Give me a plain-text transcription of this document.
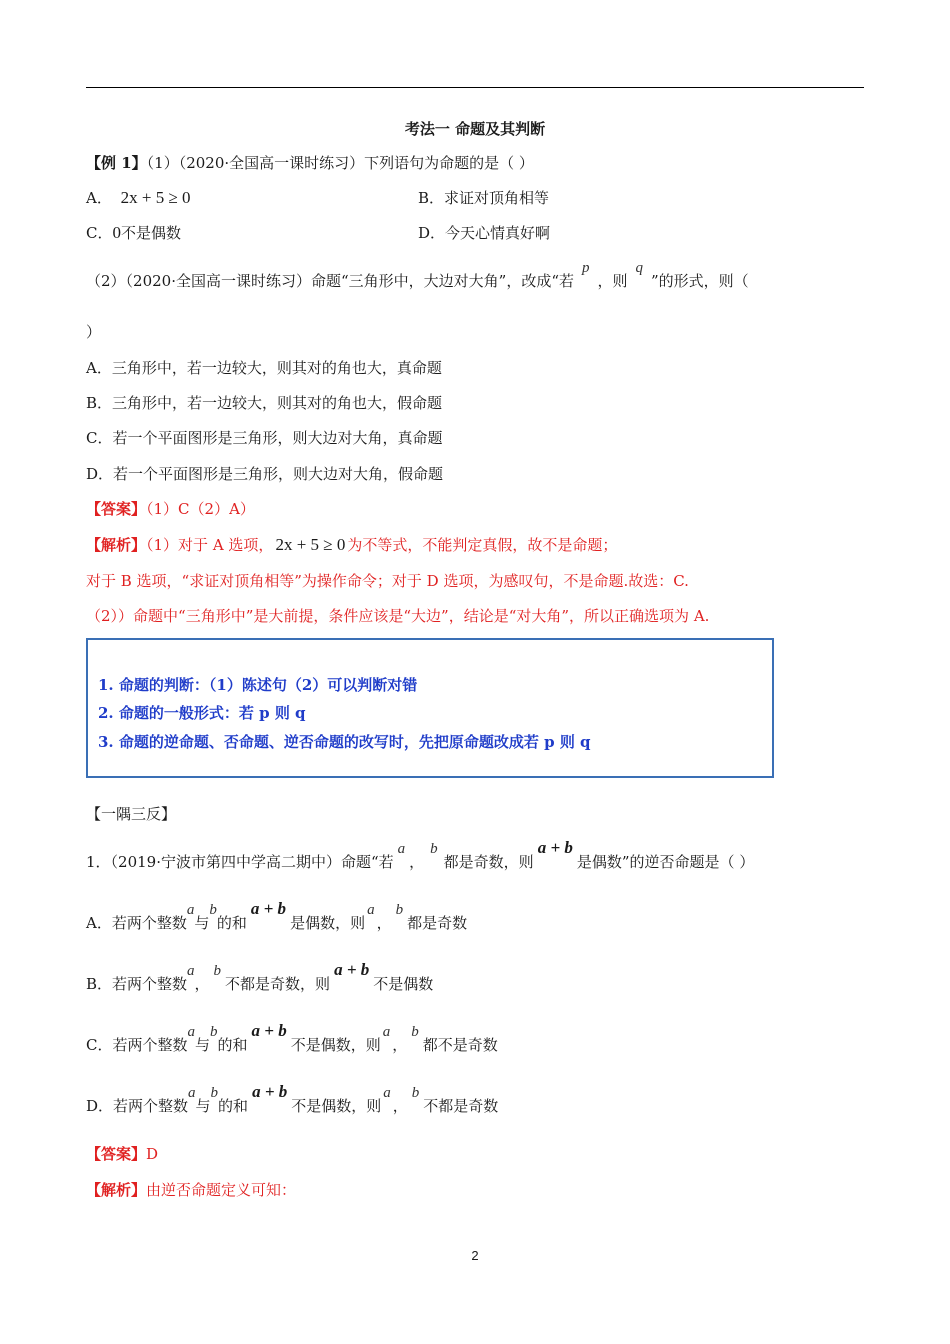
考法一 命题及其判断
【例 1】（1）（2020·全国高一课时练习）下列语句为命题的是（ ）
A． 2x + 5 ≥ 0	B．求证对顶角相等
C．0不是偶数	D．今天心情真好啊
（2）（2020·全国高一课时练习）命题“三角形中，大边对大角”，改成“若p，则q”的形式，则（
）
A．三角形中，若一边较大，则其对的角也大，真命题
B．三角形中，若一边较大，则其对的角也大，假命题
C．若一个平面图形是三角形，则大边对大角，真命题
D．若一个平面图形是三角形，则大边对大角，假命题
【答案】（1）C（2）A）
【解析】（1）对于 A 选项， 2x + 5 ≥ 0 为不等式，不能判定真假，故不是命题；
对于 B 选项，“求证对顶角相等”为操作命令；对于 D 选项，为感叹句，不是命题.故选：C.
（2））命题中“三角形中”是大前提，条件应该是“大边”，结论是“对大角”，所以正确选项为 A.
1. 命题的判断：（1）陈述句（2）可以判断对错
2. 命题的一般形式：若 p 则 q
3. 命题的逆命题、否命题、逆否命题的改写时，先把原命题改成若 p 则 q
【一隅三反】
1．（2019·宁波市第四中学高二期中）命题“若a，b都是奇数，则a + b是偶数”的逆否命题是（ ）
A．若两个整数a与b的和a + b是偶数，则a，b都是奇数
B．若两个整数a，b不都是奇数，则a + b不是偶数
C．若两个整数a与b的和a + b不是偶数，则a，b都不是奇数
D．若两个整数a与b的和a + b不是偶数，则a，b不都是奇数
【答案】D
【解析】由逆否命题定义可知：
2
